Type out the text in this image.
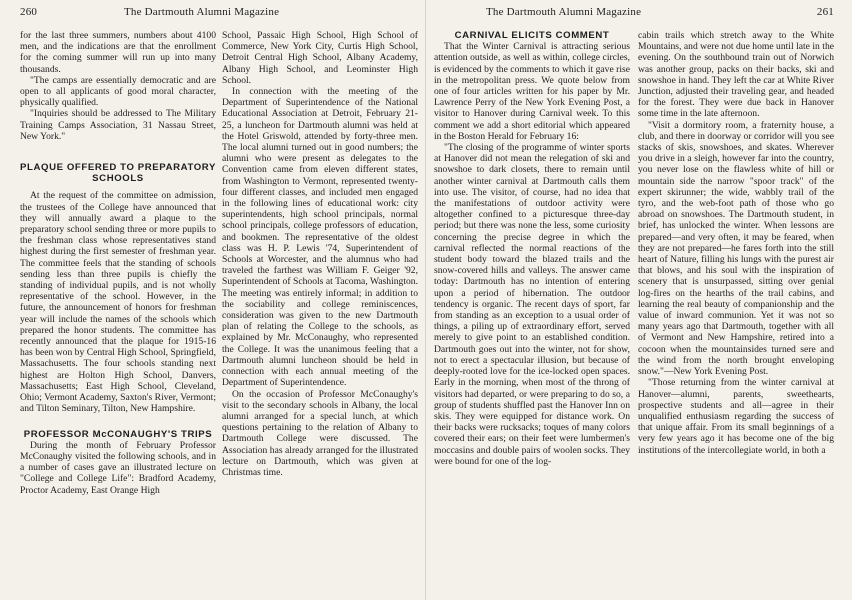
260	The Dartmouth Alumni Magazine

for the last three summers, numbers about 4100 men, and the indications are that the enrollment for the coming summer will run up into many thousands.

"The camps are essentially democratic and are open to all applicants of good moral character, physically qualified.

"Inquiries should be addressed to The Military Training Camps Association, 31 Nassau Street, New York."

PLAQUE OFFERED TO PREPARATORY SCHOOLS

At the request of the committee on admission, the trustees of the College have announced that they will annually award a plaque to the preparatory school sending three or more pupils to the freshman class whose representatives stand highest during the first semester of freshman year. The committee feels that the standing of schools sending less than three pupils is chiefly the standing of individual pupils, and is not wholly representative of the school. However, in the future, the announcement of honors for freshman year will include the names of the schools which prepared the honor students. The committee has recently announced that the plaque for 1915-16 has been won by Central High School, Springfield, Massachusetts. The four schools standing next highest are Holton High School, Danvers, Massachusetts; East High School, Cleveland, Ohio; Vermont Academy, Saxton's River, Vermont; and Tilton Seminary, Tilton, New Hampshire.

PROFESSOR McCONAUGHY'S TRIPS

During the month of February Professor McConaughy visited the following schools, and in a number of cases gave an illustrated lecture on "College and College Life": Bradford Academy, Proctor Academy, East Orange High

School, Passaic High School, High School of Commerce, New York City, Curtis High School, Detroit Central High School, Albany Academy, Albany High School, and Leominster High School.

In connection with the meeting of the Department of Superintendence of the National Educational Association at Detroit, February 21-25, a luncheon for Dartmouth alumni was held at the Hotel Griswold, attended by forty-three men. The local alumni turned out in good numbers; the alumni who were present as delegates to the Convention came from eleven different states, from Washington to Vermont, represented twenty-four different classes, and included men engaged in the following lines of educational work: city superintendents, high school principals, normal school principals, college professors of education, and bookmen. The representative of the oldest class was H. P. Lewis '74, Superintendent of Schools at Worcester, and the alumnus who had traveled the farthest was William F. Geiger '92, Superintendent of Schools at Tacoma, Washington. The meeting was entirely informal; in addition to the sociability and college reminiscences, consideration was given to the new Dartmouth plan of relating the College to the schools, as explained by Mr. McConaughy, who represented the College. It was the unanimous feeling that a Dartmouth alumni luncheon should be held in connection with each annual meeting of the Department of Superintendence.

On the occasion of Professor McConaughy's visit to the secondary schools in Albany, the local alumni arranged for a special lunch, at which questions pertaining to the relation of Albany to Dartmouth College were discussed. The Association has already arranged for the illustrated lecture on Dartmouth, which was given at Christmas time.

The Dartmouth Alumni Magazine	261
CARNIVAL ELICITS COMMENT

That the Winter Carnival is attracting serious attention outside, as well as within, college circles, is evidenced by the comments to which it gave rise in the metropolitan press. We quote below from one of four articles written for his paper by Mr. Lawrence Perry of the New York Evening Post, a visitor to Hanover during Carnival week. To this comment we add a short editorial which appeared in the Boston Herald for February 16:

"The closing of the programme of winter sports at Hanover did not mean the relegation of ski and snowshoe to dark closets, there to remain until another winter carnival at Dartmouth calls them into use. The visitor, of course, had no idea that the manifestations of outdoor activity were altogether confined to a picturesque three-day period; but there was none the less, some curiosity concerning the precise degree in which the carnival reflected the normal reactions of the student body toward the blazed trails and the snow-covered hills and valleys. The answer came today: Dartmouth has no intention of entering upon a period of hibernation. The outdoor tendency is organic. The recent days of sport, far from standing as an exception to a usual order of things, a piling up of extraordinary effort, served merely to give point to an established condition. Dartmouth goes out into the winter, not for show, not to erect a spectacular illusion, but because of deeply-rooted love for the ice-locked open spaces. Early in the morning, when most of the throng of visitors had departed, or were preparing to do so, a group of students shuffled past the Hanover Inn on skis. They were equipped for distance work. On their backs were rucksacks; toques of many colors covered their ears; on their feet were lumbermen's moccasins and double pairs of woolen socks. They were bound for one of the log-

cabin trails which stretch away to the White Mountains, and were not due home until late in the evening. On the southbound train out of Norwich was another group, packs on their backs, ski and snowshoe in hand. They left the car at White River Junction, adjusted their traveling gear, and headed for the forest. They were due back in Hanover some time in the late afternoon.

"Visit a dormitory room, a fraternity house, a club, and there in doorway or corridor will you see stacks of skis, snowshoes, and skates. Wherever you drive in a sleigh, however far into the country, you never lose on the flawless white of hill or mountain side the narrow "spoor track" of the expert skirunner; the wide, wabbly trail of the tyro, and the web-foot path of those who go abroad on snowshoes. The Dartmouth student, in brief, has unlocked the winter. When lessons are prepared—and very often, it may be feared, when they are not prepared—he fares forth into the still heart of Nature, filling his lungs with the purest air that blows, and his soul with the inspiration of scenery that is unsurpassed, sitting over genial log-fires on the hearths of the trail cabins, and learning the real beauty of companionship and the value of inward communion. Yet it was not so many years ago that Dartmouth, together with all of Vermont and New Hampshire, retired into a cocoon when the mountainsides turned sere and the wind from the north brought enveloping snow."—New York Evening Post.

"Those returning from the winter carnival at Hanover—alumni, parents, sweethearts, prospective students and all—agree in their unqualified enthusiasm regarding the success of that unique affair. From its small beginnings of a very few years ago it has become one of the big institutions of the intercollegiate world, in both a
